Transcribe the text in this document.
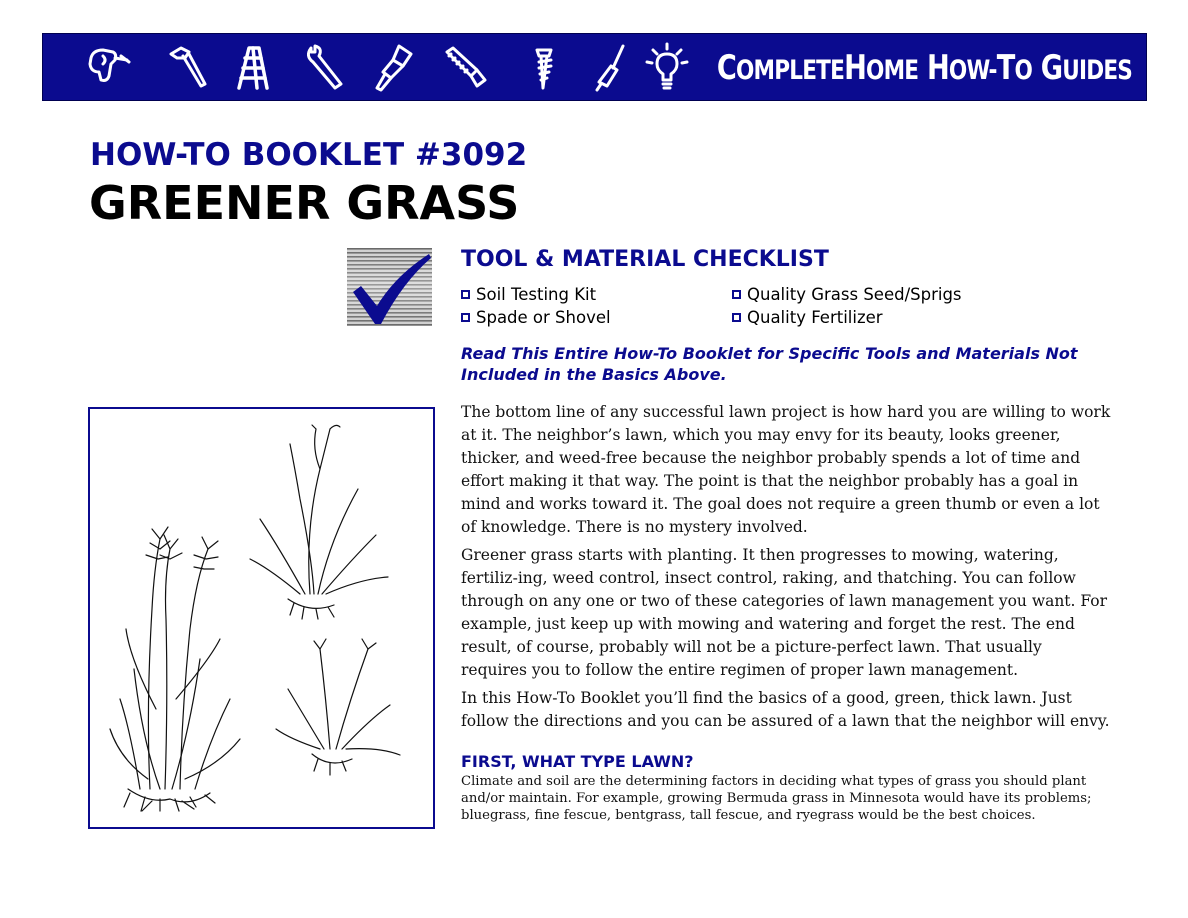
COMPLETEHOME HOW-TO GUIDES
HOW-TO BOOKLET #3092
GREENER GRASS
TOOL & MATERIAL CHECKLIST
Soil Testing Kit	Quality Grass Seed/Sprigs
Spade or Shovel	Quality Fertilizer
Read This Entire How-To Booklet for Specific Tools and Materials Not Included in the Basics Above.

The bottom line of any successful lawn project is how hard you are willing to work at it. The neighbor’s lawn, which you may envy for its beauty, looks greener, thicker, and weed-free because the neighbor probably spends a lot of time and effort making it that way. The point is that the neighbor probably has a goal in mind and works toward it. The goal does not require a green thumb or even a lot of knowledge. There is no mystery involved.

Greener grass starts with planting. It then progresses to mowing, watering, fertiliz-ing, weed control, insect control, raking, and thatching. You can follow through on any one or two of these categories of lawn management you want. For example, just keep up with mowing and watering and forget the rest. The end result, of course, probably will not be a picture-perfect lawn. That usually requires you to follow the entire regimen of proper lawn management.

In this How-To Booklet you’ll find the basics of a good, green, thick lawn. Just follow the directions and you can be assured of a lawn that the neighbor will envy.

FIRST, WHAT TYPE LAWN?
Climate and soil are the determining factors in deciding what types of grass you should plant and/or maintain. For example, growing Bermuda grass in Minnesota would have its problems; bluegrass, fine fescue, bentgrass, tall fescue, and ryegrass would be the best choices.
